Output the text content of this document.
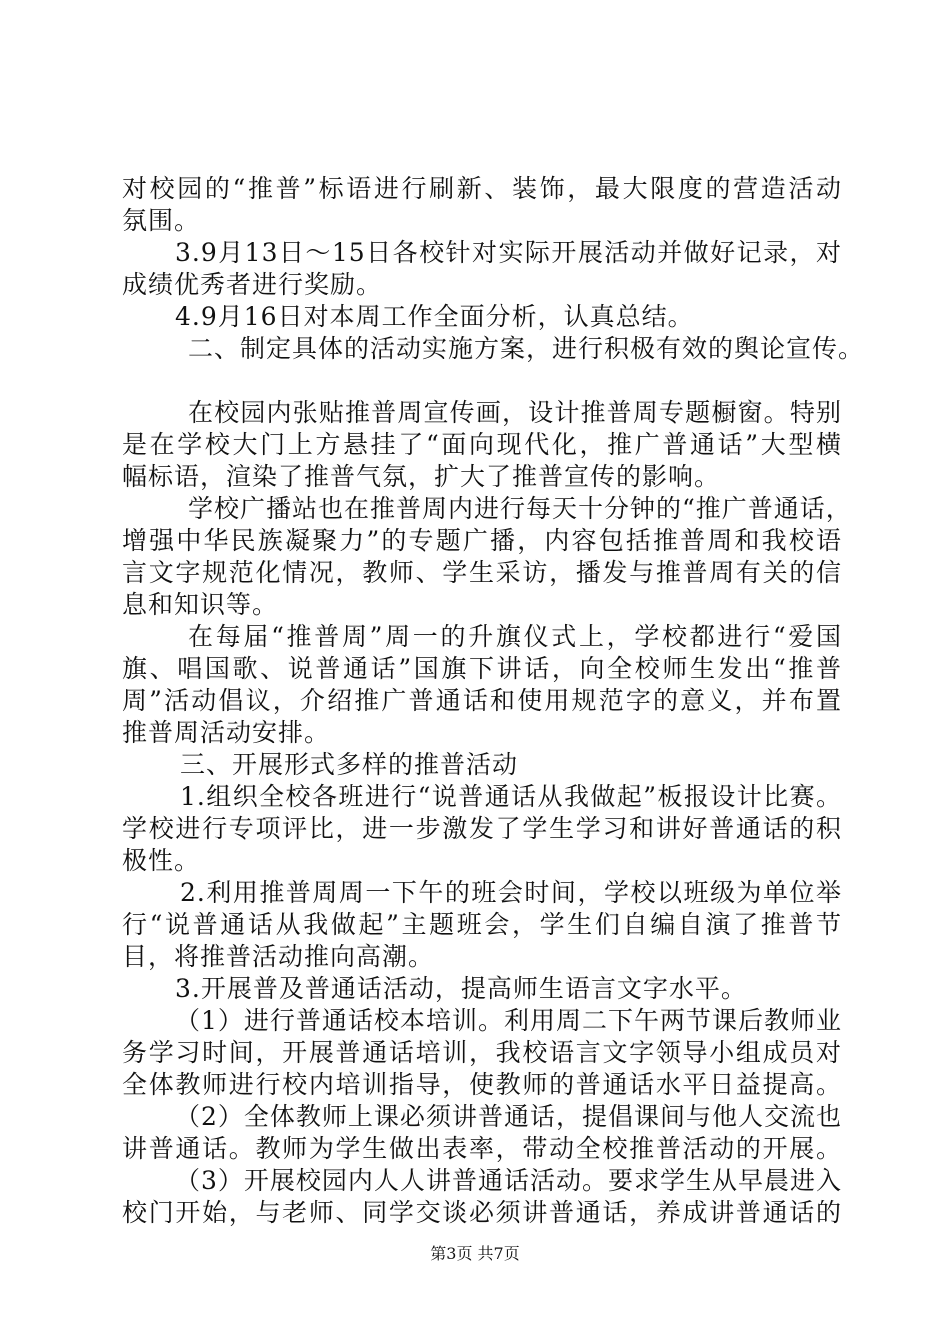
对校园的“推普”标语进行刷新、装饰，最大限度的营造活动
氛围。
3.9月13日～15日各校针对实际开展活动并做好记录，对
成绩优秀者进行奖励。
4.9月16日对本周工作全面分析，认真总结。
二、制定具体的活动实施方案，进行积极有效的舆论宣传。
在校园内张贴推普周宣传画，设计推普周专题橱窗。特别
是在学校大门上方悬挂了“面向现代化，推广普通话”大型横
幅标语，渲染了推普气氛，扩大了推普宣传的影响。
学校广播站也在推普周内进行每天十分钟的“推广普通话，
增强中华民族凝聚力”的专题广播，内容包括推普周和我校语
言文字规范化情况，教师、学生采访，播发与推普周有关的信
息和知识等。
在每届“推普周”周一的升旗仪式上，学校都进行“爱国
旗、唱国歌、说普通话”国旗下讲话，向全校师生发出“推普
周”活动倡议，介绍推广普通话和使用规范字的意义，并布置
推普周活动安排。
三、开展形式多样的推普活动
1.组织全校各班进行“说普通话从我做起”板报设计比赛。
学校进行专项评比，进一步激发了学生学习和讲好普通话的积
极性。
2.利用推普周周一下午的班会时间，学校以班级为单位举
行“说普通话从我做起”主题班会，学生们自编自演了推普节
目，将推普活动推向高潮。
3.开展普及普通话活动，提高师生语言文字水平。
（1）进行普通话校本培训。利用周二下午两节课后教师业
务学习时间，开展普通话培训，我校语言文字领导小组成员对
全体教师进行校内培训指导，使教师的普通话水平日益提高。
（2）全体教师上课必须讲普通话，提倡课间与他人交流也
讲普通话。教师为学生做出表率，带动全校推普活动的开展。
（3）开展校园内人人讲普通话活动。要求学生从早晨进入
校门开始，与老师、同学交谈必须讲普通话，养成讲普通话的
第3页 共7页
